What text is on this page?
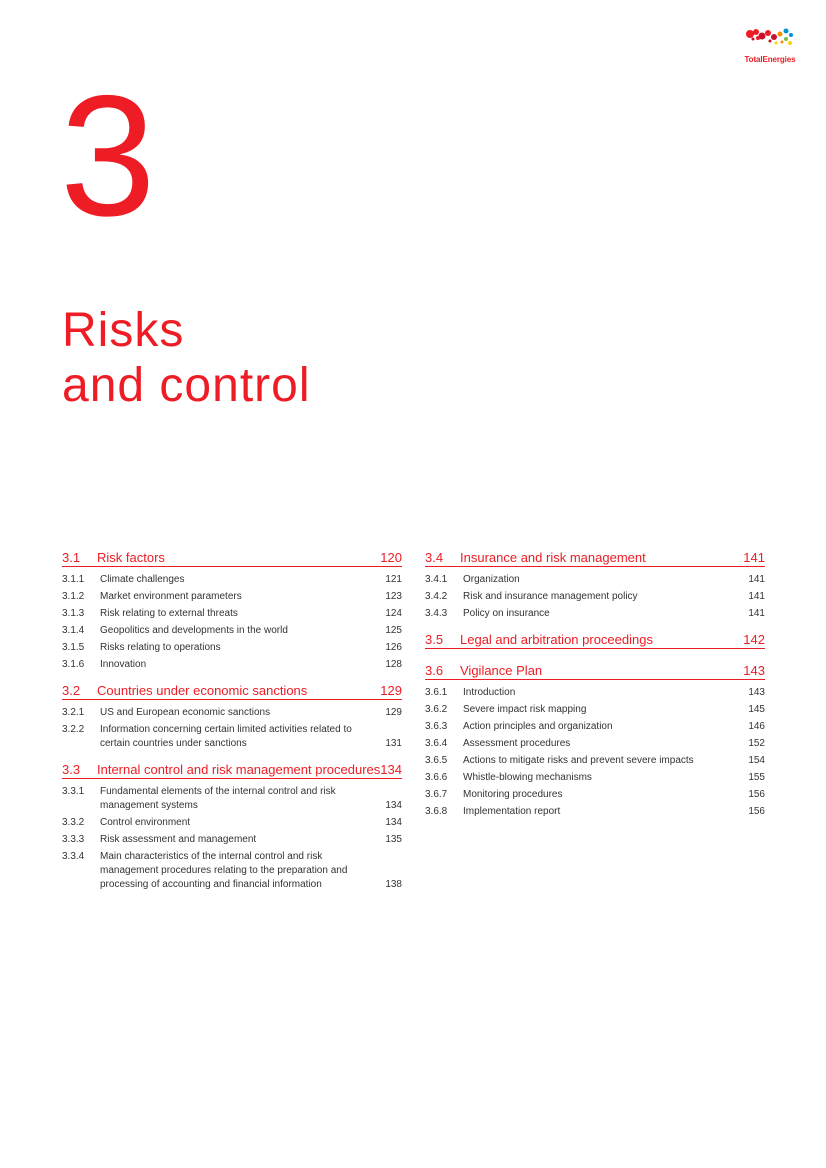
TotalEnergies
3
Risks
and control
3.1	Risk factors	120
3.1.1	Climate challenges	121
3.1.2	Market environment parameters	123
3.1.3	Risk relating to external threats	124
3.1.4	Geopolitics and developments in the world	125
3.1.5	Risks relating to operations	126
3.1.6	Innovation	128
3.2	Countries under economic sanctions	129
3.2.1	US and European economic sanctions	129
3.2.2	Information concerning certain limited activities related to certain countries under sanctions	131
3.3	Internal control and risk management procedures 134
3.3.1	Fundamental elements of the internal control and risk management systems	134
3.3.2	Control environment	134
3.3.3	Risk assessment and management	135
3.3.4	Main characteristics of the internal control and risk management procedures relating to the preparation and processing of accounting and financial information	138
3.4	Insurance and risk management	141
3.4.1	Organization	141
3.4.2	Risk and insurance management policy	141
3.4.3	Policy on insurance	141
3.5	Legal and arbitration proceedings	142
3.6	Vigilance Plan	143
3.6.1	Introduction	143
3.6.2	Severe impact risk mapping	145
3.6.3	Action principles and organization	146
3.6.4	Assessment procedures	152
3.6.5	Actions to mitigate risks and prevent severe impacts	154
3.6.6	Whistle-blowing mechanisms	155
3.6.7	Monitoring procedures	156
3.6.8	Implementation report	156
